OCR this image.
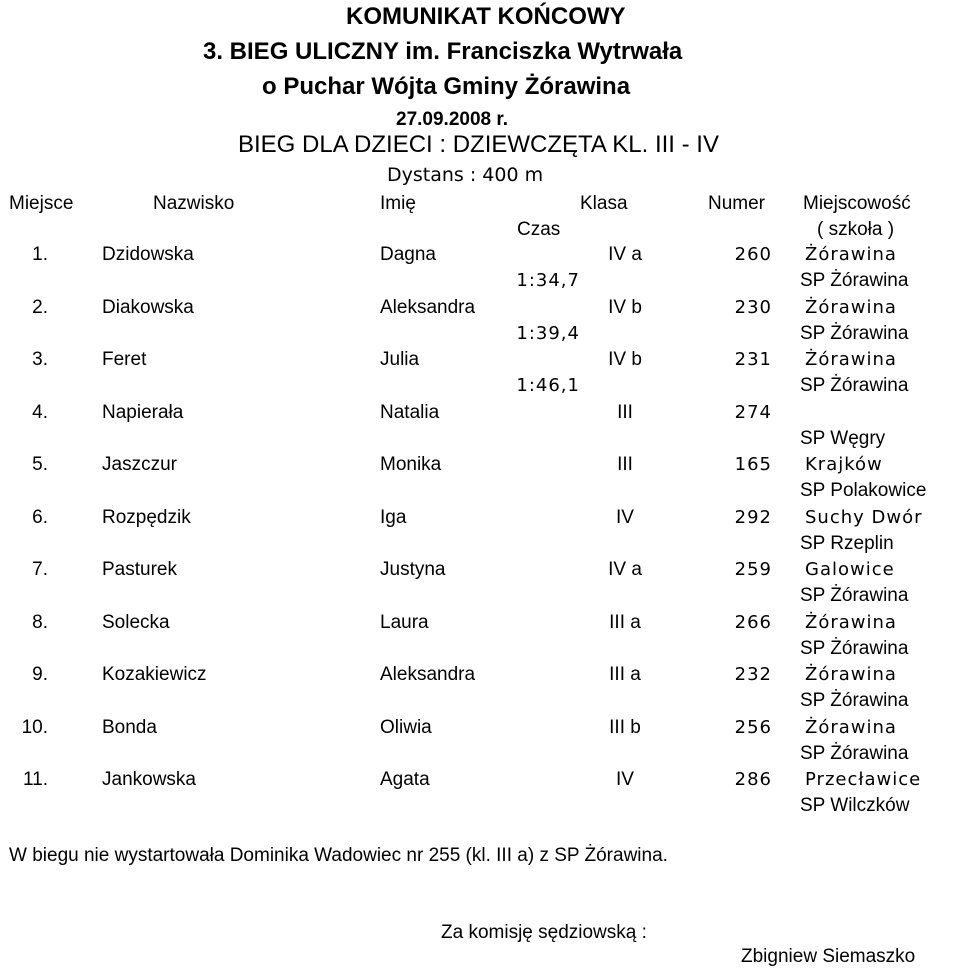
KOMUNIKAT KOŃCOWY
3. BIEG ULICZNY im. Franciszka Wytrwała
o Puchar Wójta Gminy Żórawina
27.09.2008 r.
BIEG DLA DZIECI : DZIEWCZĘTA KL. III - IV
Dystans : 400 m
Miejsce	Nazwisko	Imię	Klasa	Numer Miejscowość
Czas	( szkoła )
1.	Dzidowska	Dagna	IV a	260 Żórawina
1:34,7	SP Żórawina
2.	Diakowska	Aleksandra	IV b	230 Żórawina
1:39,4	SP Żórawina
3.	Feret	Julia	IV b	231 Żórawina
1:46,1	SP Żórawina
4.	Napierała	Natalia	III	274
SP Węgry
5.	Jaszczur	Monika	III	165 Krajków
SP Polakowice
6.	Rozpędzik	Iga	IV	292 Suchy Dwór
SP Rzeplin
7.	Pasturek	Justyna	IV a	259 Galowice
SP Żórawina
8.	Solecka	Laura	III a	266 Żórawina
SP Żórawina
9.	Kozakiewicz	Aleksandra	III a	232 Żórawina
SP Żórawina
10.	Bonda	Oliwia	III b	256 Żórawina
SP Żórawina
11.	Jankowska	Agata	IV	286 Przecławice
SP Wilczków
W biegu nie wystartowała Dominika Wadowiec nr 255 (kl. III a) z SP Żórawina.
Za komisję sędziowską :
Zbigniew Siemaszko
